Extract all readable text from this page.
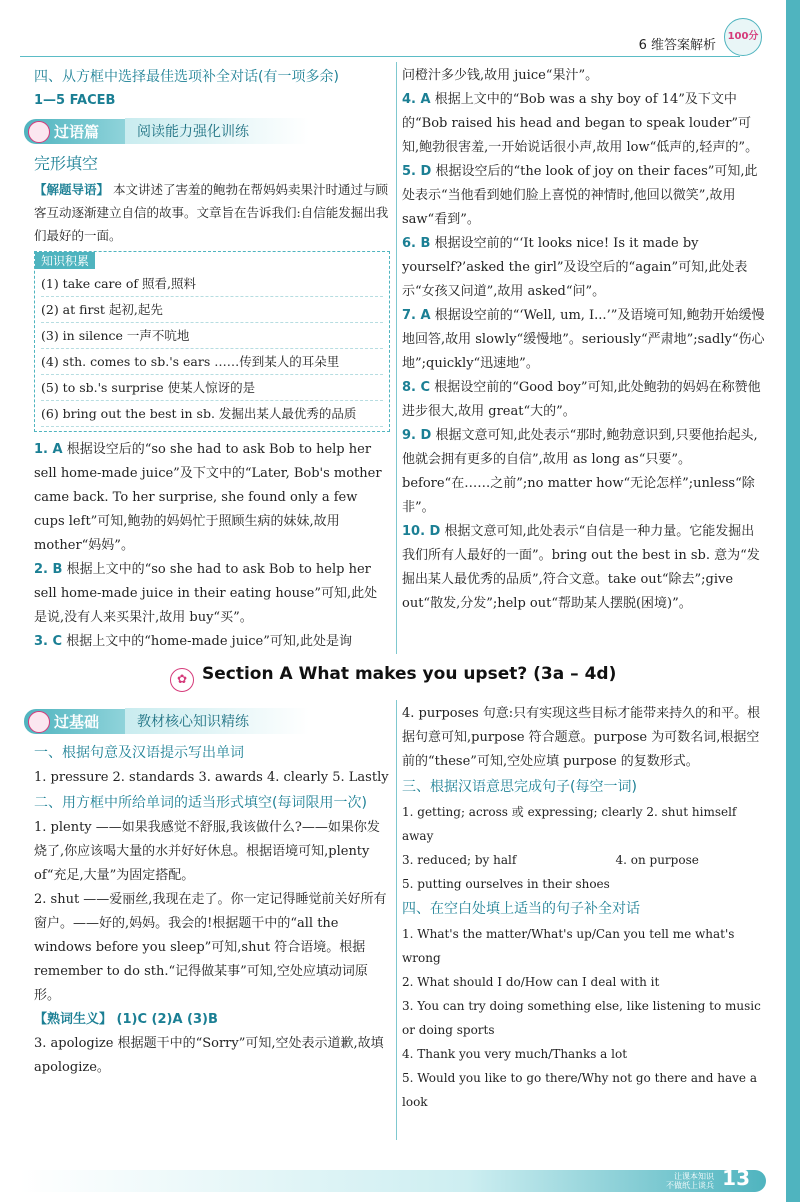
6 维答案解析
100分

四、从方框中选择最佳选项补全对话(有一项多余)

1—5 FACEB

过语篇	阅读能力强化训练

完形填空

【解题导语】 本文讲述了害羞的鲍勃在帮妈妈卖果汁时通过与顾客互动逐渐建立自信的故事。文章旨在告诉我们:自信能发掘出我们最好的一面。

知识积累

(1) take care of 照看,照料

(2) at first 起初,起先

(3) in silence 一声不吭地

(4) sth. comes to sb.'s ears ……传到某人的耳朵里

(5) to sb.'s surprise 使某人惊讶的是

(6) bring out the best in sb. 发掘出某人最优秀的品质

1. A 根据设空后的“so she had to ask Bob to help her sell home-made juice”及下文中的“Later, Bob's mother came back. To her surprise, she found only a few cups left”可知,鲍勃的妈妈忙于照顾生病的妹妹,故用 mother“妈妈”。

2. B 根据上文中的“so she had to ask Bob to help her sell home-made juice in their eating house”可知,此处是说,没有人来买果汁,故用 buy“买”。

3. C 根据上文中的“home-made juice”可知,此处是询

问橙汁多少钱,故用 juice“果汁”。

4. A 根据上文中的“Bob was a shy boy of 14”及下文中的“Bob raised his head and began to speak louder”可知,鲍勃很害羞,一开始说话很小声,故用 low“低声的,轻声的”。

5. D 根据设空后的“the look of joy on their faces”可知,此处表示“当他看到她们脸上喜悦的神情时,他回以微笑”,故用 saw“看到”。

6. B 根据设空前的“‘It looks nice! Is it made by yourself?’asked the girl”及设空后的“again”可知,此处表示“女孩又问道”,故用 asked“问”。

7. A 根据设空前的“‘Well, um, I...’”及语境可知,鲍勃开始缓慢地回答,故用 slowly“缓慢地”。seriously“严肃地”;sadly“伤心地”;quickly“迅速地”。

8. C 根据设空前的“Good boy”可知,此处鲍勃的妈妈在称赞他进步很大,故用 great“大的”。

9. D 根据文意可知,此处表示“那时,鲍勃意识到,只要他抬起头,他就会拥有更多的自信”,故用 as long as“只要”。before“在……之前”;no matter how“无论怎样”;unless“除非”。

10. D 根据文意可知,此处表示“自信是一种力量。它能发掘出我们所有人最好的一面”。bring out the best in sb. 意为“发掘出某人最优秀的品质”,符合文意。take out“除去”;give out“散发,分发”;help out“帮助某人摆脱(困境)”。

✿ Section A What makes you upset? (3a – 4d)
过基础	教材核心知识精练

一、根据句意及汉语提示写出单词

1. pressure 2. standards 3. awards 4. clearly 5. Lastly

二、用方框中所给单词的适当形式填空(每词限用一次)

1. plenty ——如果我感觉不舒服,我该做什么?——如果你发烧了,你应该喝大量的水并好好休息。根据语境可知,plenty of“充足,大量”为固定搭配。

2. shut ——爱丽丝,我现在走了。你一定记得睡觉前关好所有窗户。——好的,妈妈。我会的!根据题干中的“all the windows before you sleep”可知,shut 符合语境。根据 remember to do sth.“记得做某事”可知,空处应填动词原形。

【熟词生义】 (1)C (2)A (3)B

3. apologize 根据题干中的“Sorry”可知,空处表示道歉,故填 apologize。

4. purposes 句意:只有实现这些目标才能带来持久的和平。根据句意可知,purpose 符合题意。purpose 为可数名词,根据空前的“these”可知,空处应填 purpose 的复数形式。

三、根据汉语意思完成句子(每空一词)

1. getting; across 或 expressing; clearly 2. shut himself away

3. reduced; by half                          4. on purpose

5. putting ourselves in their shoes

四、在空白处填上适当的句子补全对话

1. What's the matter/What's up/Can you tell me what's wrong

2. What should I do/How can I deal with it

3. You can try doing something else, like listening to music or doing sports

4. Thank you very much/Thanks a lot

5. Would you like to go there/Why not go there and have a look

让课本知识
不做纸上谈兵 13
